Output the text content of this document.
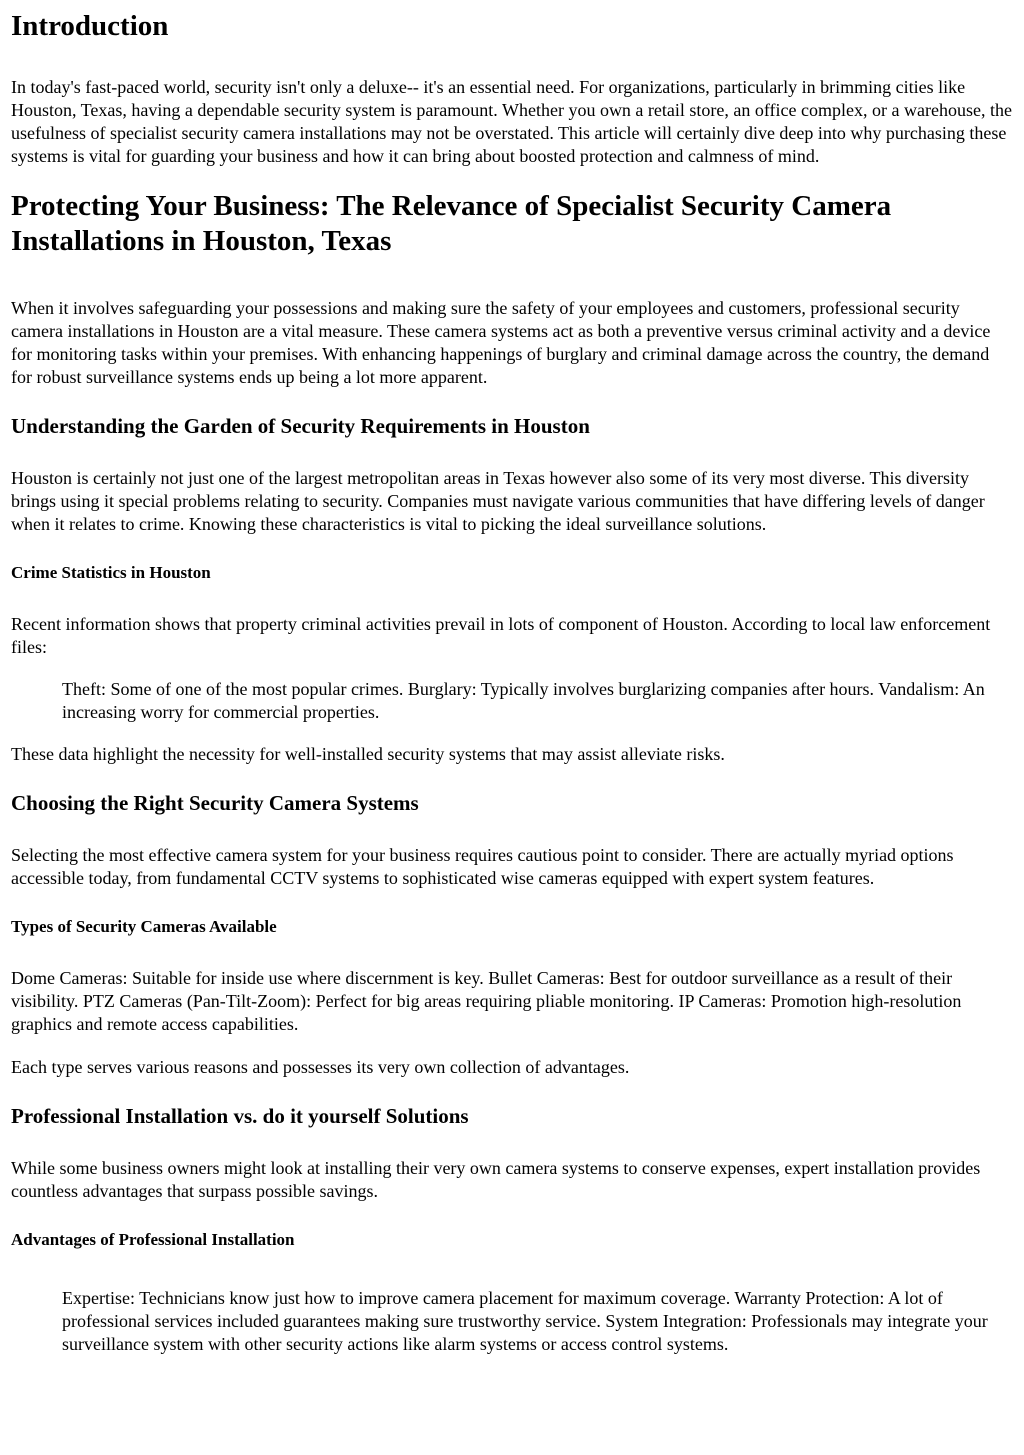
Introduction

In today's fast-paced world, security isn't only a deluxe-- it's an essential need. For organizations, particularly in brimming cities like Houston, Texas, having a dependable security system is paramount. Whether you own a retail store, an office complex, or a warehouse, the usefulness of specialist security camera installations may not be overstated. This article will certainly dive deep into why purchasing these systems is vital for guarding your business and how it can bring about boosted protection and calmness of mind.

Protecting Your Business: The Relevance of Specialist Security Camera Installations in Houston, Texas

When it involves safeguarding your possessions and making sure the safety of your employees and customers, professional security camera installations in Houston are a vital measure. These camera systems act as both a preventive versus criminal activity and a device for monitoring tasks within your premises. With enhancing happenings of burglary and criminal damage across the country, the demand for robust surveillance systems ends up being a lot more apparent.

Understanding the Garden of Security Requirements in Houston

Houston is certainly not just one of the largest metropolitan areas in Texas however also some of its very most diverse. This diversity brings using it special problems relating to security. Companies must navigate various communities that have differing levels of danger when it relates to crime. Knowing these characteristics is vital to picking the ideal surveillance solutions.

Crime Statistics in Houston

Recent information shows that property criminal activities prevail in lots of component of Houston. According to local law enforcement files:

Theft: Some of one of the most popular crimes. Burglary: Typically involves burglarizing companies after hours. Vandalism: An increasing worry for commercial properties.

These data highlight the necessity for well-installed security systems that may assist alleviate risks.

Choosing the Right Security Camera Systems

Selecting the most effective camera system for your business requires cautious point to consider. There are actually myriad options accessible today, from fundamental CCTV systems to sophisticated wise cameras equipped with expert system features.

Types of Security Cameras Available

Dome Cameras: Suitable for inside use where discernment is key. Bullet Cameras: Best for outdoor surveillance as a result of their visibility. PTZ Cameras (Pan-Tilt-Zoom): Perfect for big areas requiring pliable monitoring. IP Cameras: Promotion high-resolution graphics and remote access capabilities.

Each type serves various reasons and possesses its very own collection of advantages.

Professional Installation vs. do it yourself Solutions

While some business owners might look at installing their very own camera systems to conserve expenses, expert installation provides countless advantages that surpass possible savings.

Advantages of Professional Installation
Expertise: Technicians know just how to improve camera placement for maximum coverage. Warranty Protection: A lot of professional services included guarantees making sure trustworthy service. System Integration: Professionals may integrate your surveillance system with other security actions like alarm systems or access control systems.
